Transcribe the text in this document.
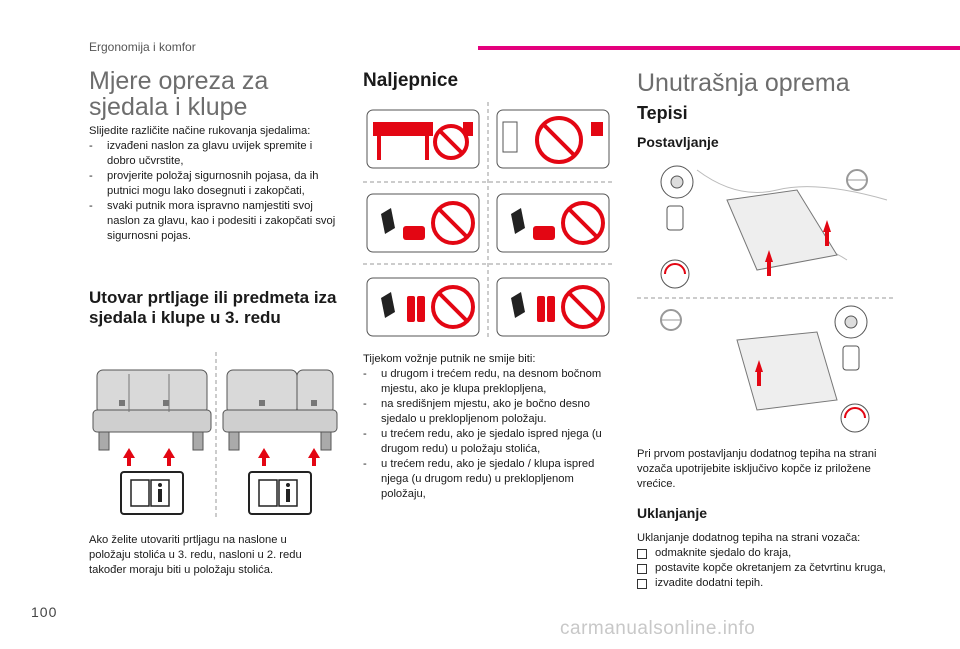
Ergonomija i komfor
Mjere opreza za sjedala i klupe
Slijedite različite načine rukovanja sjedalima:
- izvađeni naslon za glavu uvijek spremite i dobro učvrstite,
- provjerite položaj sigurnosnih pojasa, da ih putnici mogu lako dosegnuti i zakopčati,
- svaki putnik mora ispravno namjestiti svoj naslon za glavu, kao i podesiti i zakopčati svoj sigurnosni pojas.
Utovar prtljage ili predmeta iza sjedala i klupe u 3. redu
Ako želite utovariti prtljagu na naslone u položaju stolića u 3. redu, nasloni u 2. redu također moraju biti u položaju stolića.
Naljepnice
Tijekom vožnje putnik ne smije biti:
- u drugom i trećem redu, na desnom bočnom mjestu, ako je klupa preklopljena,
- na središnjem mjestu, ako je bočno desno sjedalo u preklopljenom položaju.
- u trećem redu, ako je sjedalo ispred njega (u drugom redu) u položaju stolića,
- u trećem redu, ako je sjedalo / klupa ispred njega (u drugom redu) u preklopljenom položaju,
Unutrašnja oprema
Tepisi
Postavljanje
Pri prvom postavljanju dodatnog tepiha na strani vozača upotrijebite isključivo kopče iz priložene vrećice.
Uklanjanje
Uklanjanje dodatnog tepiha na strani vozača:
odmaknite sjedalo do kraja,
postavite kopče okretanjem za četvrtinu kruga,
izvadite dodatni tepih.
100
carmanualsonline.info
